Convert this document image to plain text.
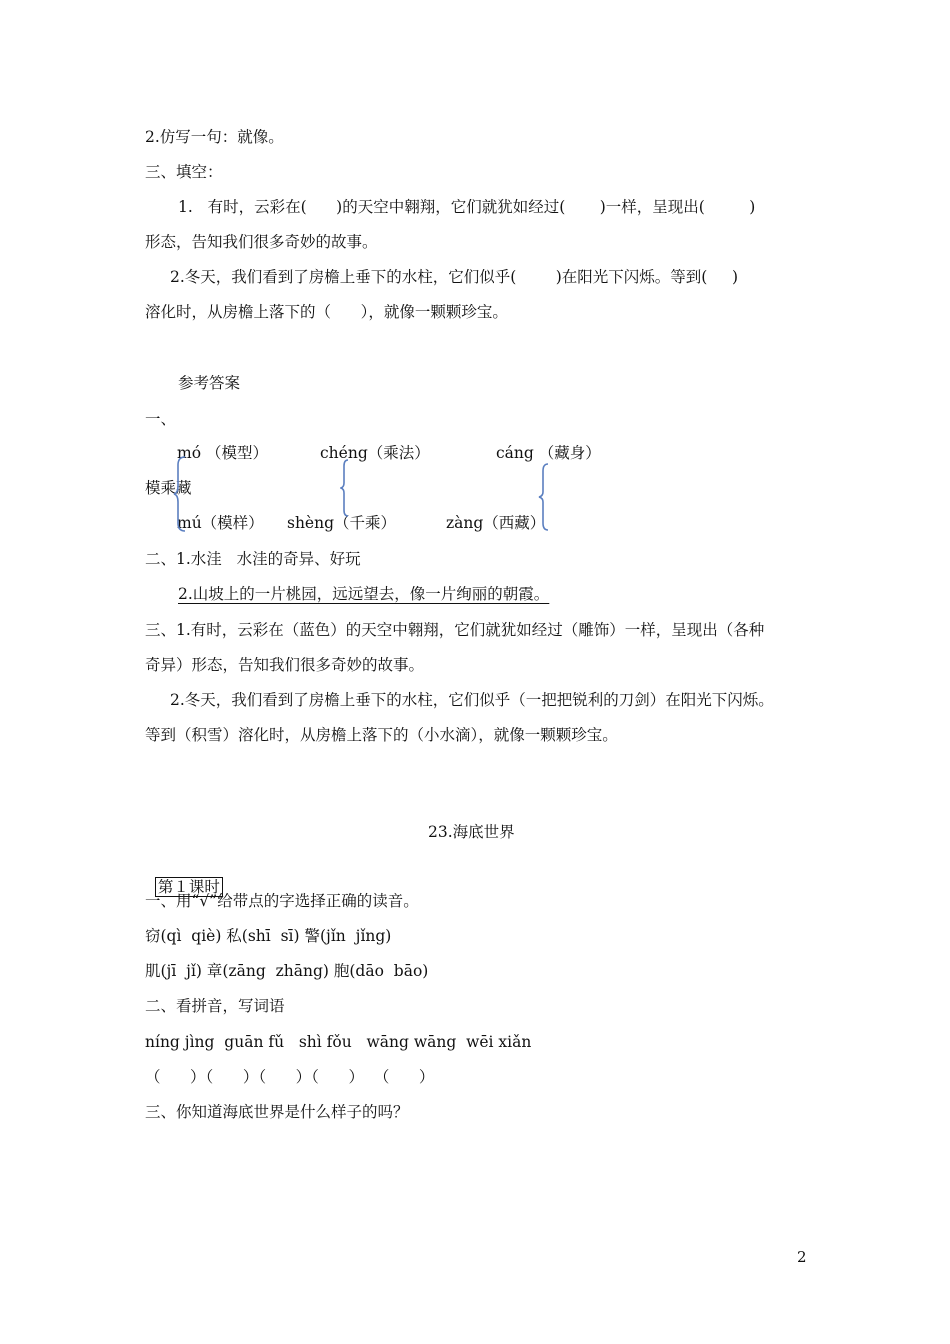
2.仿写一句：就像。
三、填空：
1.   有时，云彩在(      )的天空中翱翔，它们就犹如经过(       )一样，呈现出(         )
形态，告知我们很多奇妙的故事。
2.冬天，我们看到了房檐上垂下的水柱，它们似乎(        )在阳光下闪烁。等到(     )
溶化时，从房檐上落下的（      ），就像一颗颗珍宝。
参考答案
一、
mó （模型）	chéng（乘法）	cáng （藏身）
模乘藏
mú（模样） shèng（千乘）	zàng（西藏）
二、1.水洼   水洼的奇异、好玩
2.山坡上的一片桃园，远远望去，像一片绚丽的朝霞。
三、1.有时，云彩在（蓝色）的天空中翱翔，它们就犹如经过（雕饰）一样，呈现出（各种
奇异）形态，告知我们很多奇妙的故事。
2.冬天，我们看到了房檐上垂下的水柱，它们似乎（一把把锐利的刀剑）在阳光下闪烁。
等到（积雪）溶化时，从房檐上落下的（小水滴），就像一颗颗珍宝。
23.海底世界

第１课时

一、用“√”给带点的字选择正确的读音。
窃(qì  qiè) 私(shī  sī) 警(jǐn  jǐng)
肌(jī  jǐ) 章(zāng  zhāng) 胞(dāo  bāo)
二、看拼音，写词语
níng jìng  guān fǔ   shì fǒu   wāng wāng  wēi xiǎn
（      ）（      ）（      ）（      ）  （      ）
三、你知道海底世界是什么样子的吗？
2
